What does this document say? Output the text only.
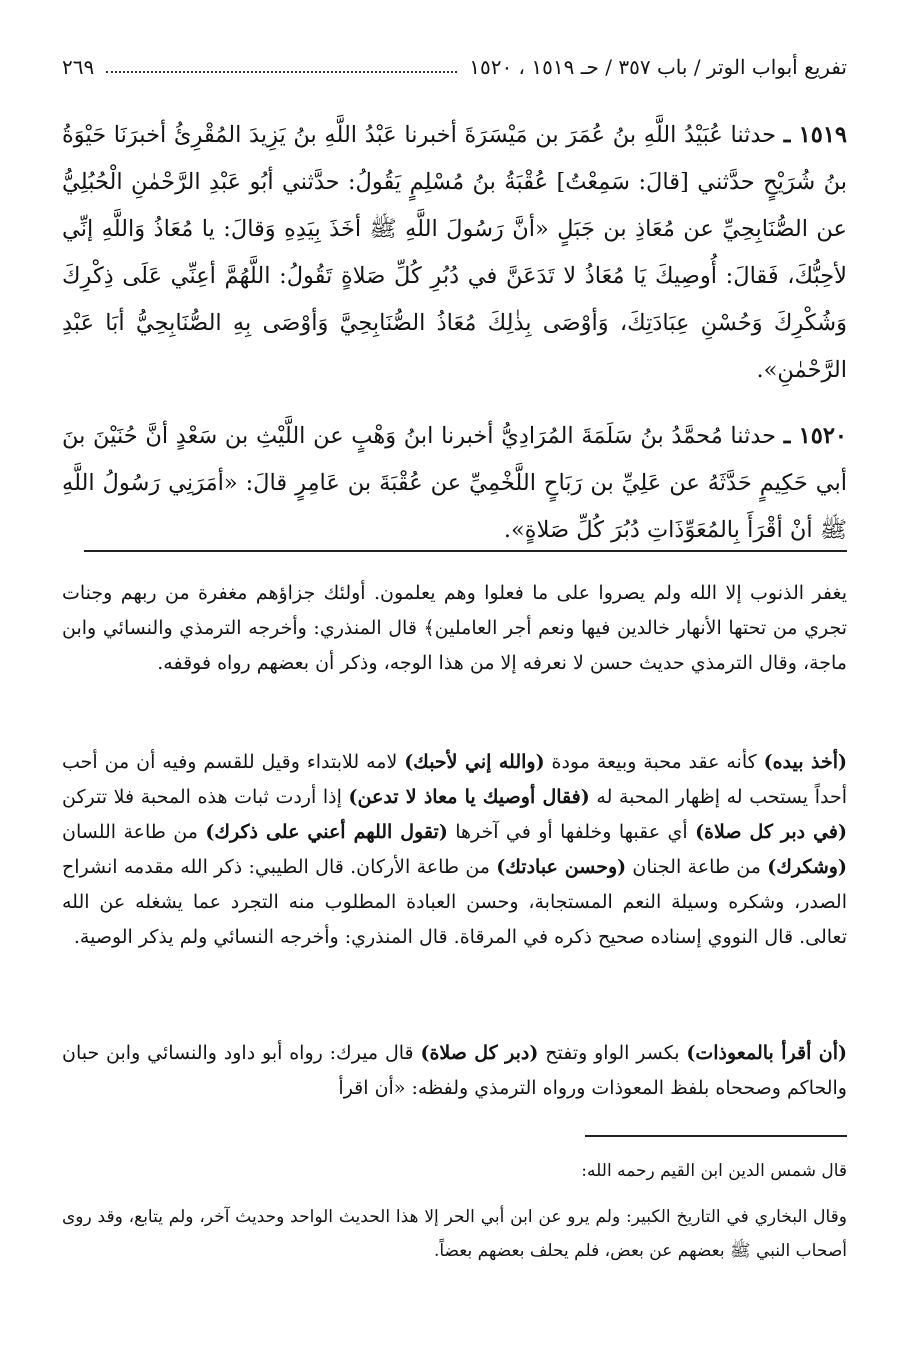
تفريع أبواب الوتر / باب ٣٥٧ / حـ ١٥١٩ ، ١٥٢٠
٢٦٩

١٥١٩ ـ حدثنا عُبَيْدُ اللَّهِ بنُ عُمَرَ بن مَيْسَرَةَ أخبرنا عَبْدُ اللَّهِ بنُ يَزِيدَ المُقْرِئُ أخبرَنَا حَيْوَةُ بنُ شُرَيْحٍ حدَّثني [قالَ: سَمِعْتُ] عُقْبَةُ بنُ مُسْلِمٍ يَقُولُ: حدَّثني أبُو عَبْدِ الرَّحْمٰنِ الْحُبُلِيُّ عن الصُّنَابِحِيِّ عن مُعَاذِ بن جَبَلٍ «أنَّ رَسُولَ اللَّهِ ﷺ أخَذَ بِيَدِهِ وَقالَ: يا مُعَاذُ وَاللَّهِ إنِّي لأحِبُّكَ، فَقالَ: أُوصِيكَ يَا مُعَاذُ لا تَدَعَنَّ في دُبُرِ كُلِّ صَلاةٍ تَقُولُ: اللَّهُمَّ أعِنِّي عَلَى ذِكْرِكَ وَشُكْرِكَ وَحُسْنِ عِبَادَتِكَ، وَأوْصَى بِذٰلِكَ مُعَاذُ الصُّنَابِحِيَّ وَأوْصَى بِهِ الصُّنَابِحِيُّ أبَا عَبْدِ الرَّحْمٰنِ».

١٥٢٠ ـ حدثنا مُحمَّدُ بنُ سَلَمَةَ المُرَادِيُّ أخبرنا ابنُ وَهْبٍ عن اللَّيْثِ بن سَعْدٍ أنَّ حُنَيْنَ بنَ أبي حَكِيمٍ حَدَّثَهُ عن عَلِيِّ بن رَبَاحٍ اللَّخْمِيِّ عن عُقْبَةَ بن عَامِرٍ قالَ: «أمَرَنِي رَسُولُ اللَّهِ ﷺ أنْ أقْرَأَ بِالمُعَوِّذَاتِ دُبُرَ كُلِّ صَلاةٍ».

يغفر الذنوب إلا الله ولم يصروا على ما فعلوا وهم يعلمون. أولئك جزاؤهم مغفرة من ربهم وجنات تجري من تحتها الأنهار خالدين فيها ونعم أجر العاملين﴾ قال المنذري: وأخرجه الترمذي والنسائي وابن ماجة، وقال الترمذي حديث حسن لا نعرفه إلا من هذا الوجه، وذكر أن بعضهم رواه فوقفه.

(أخذ بيده) كأنه عقد محبة وبيعة مودة (والله إني لأحبك) لامه للابتداء وقيل للقسم وفيه أن من أحب أحداً يستحب له إظهار المحبة له (فقال أوصيك يا معاذ لا تدعن) إذا أردت ثبات هذه المحبة فلا تتركن (في دبر كل صلاة) أي عقبها وخلفها أو في آخرها (تقول اللهم أعني على ذكرك) من طاعة اللسان (وشكرك) من طاعة الجنان (وحسن عبادتك) من طاعة الأركان. قال الطيبي: ذكر الله مقدمه انشراح الصدر، وشكره وسيلة النعم المستجابة، وحسن العبادة المطلوب منه التجرد عما يشغله عن الله تعالى. قال النووي إسناده صحيح ذكره في المرقاة. قال المنذري: وأخرجه النسائي ولم يذكر الوصية.

(أن أقرأ بالمعوذات) بكسر الواو وتفتح (دبر كل صلاة) قال ميرك: رواه أبو داود والنسائي وابن حبان والحاكم وصححاه بلفظ المعوذات ورواه الترمذي ولفظه: «أن اقرأ

قال شمس الدين ابن القيم رحمه الله:

وقال البخاري في التاريخ الكبير: ولم يرو عن ابن أبي الحر إلا هذا الحديث الواحد وحديث آخر، ولم يتابع، وقد روى أصحاب النبي ﷺ بعضهم عن بعض، فلم يحلف بعضهم بعضاً.
